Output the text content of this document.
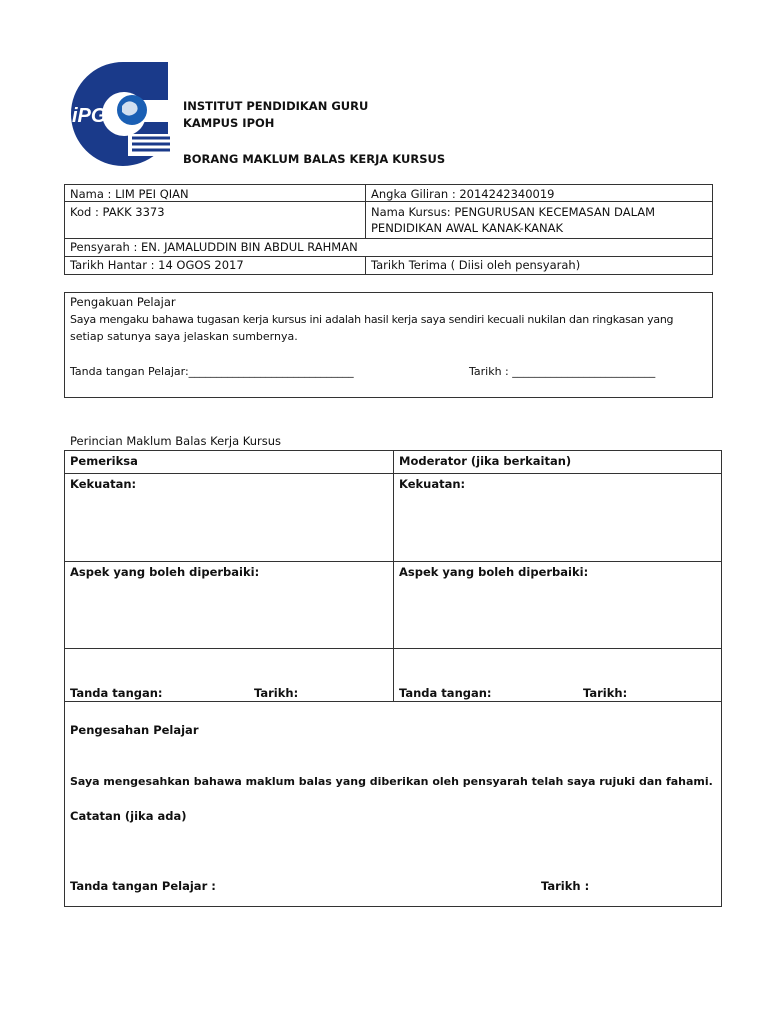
iPG	INSTITUT PENDIDIKAN GURU
KAMPUS IPOH
BORANG MAKLUM BALAS KERJA KURSUS
Nama : LIM PEI QIAN	Angka Giliran : 2014242340019
Kod : PAKK 3373	Nama Kursus: PENGURUSAN KECEMASAN DALAM
PENDIDIKAN AWAL KANAK-KANAK
Pensyarah : EN. JAMALUDDIN BIN ABDUL RAHMAN
Tarikh Hantar : 14 OGOS 2017	Tarikh Terima ( Diisi oleh pensyarah)
Pengakuan Pelajar
Saya mengaku bahawa tugasan kerja kursus ini adalah hasil kerja saya sendiri kecuali nukilan dan ringkasan yang
setiap satunya saya jelaskan sumbernya.
Tanda tangan Pelajar:______________________________	Tarikh : __________________________
Perincian Maklum Balas Kerja Kursus
Pemeriksa	Moderator (jika berkaitan)
Kekuatan:	Kekuatan:
Aspek yang boleh diperbaiki:	Aspek yang boleh diperbaiki:
Tanda tangan:	Tarikh:	Tanda tangan:	Tarikh:
Pengesahan Pelajar
Saya mengesahkan bahawa maklum balas yang diberikan oleh pensyarah telah saya rujuki dan fahami.
Catatan (jika ada)
Tanda tangan Pelajar :	Tarikh :
